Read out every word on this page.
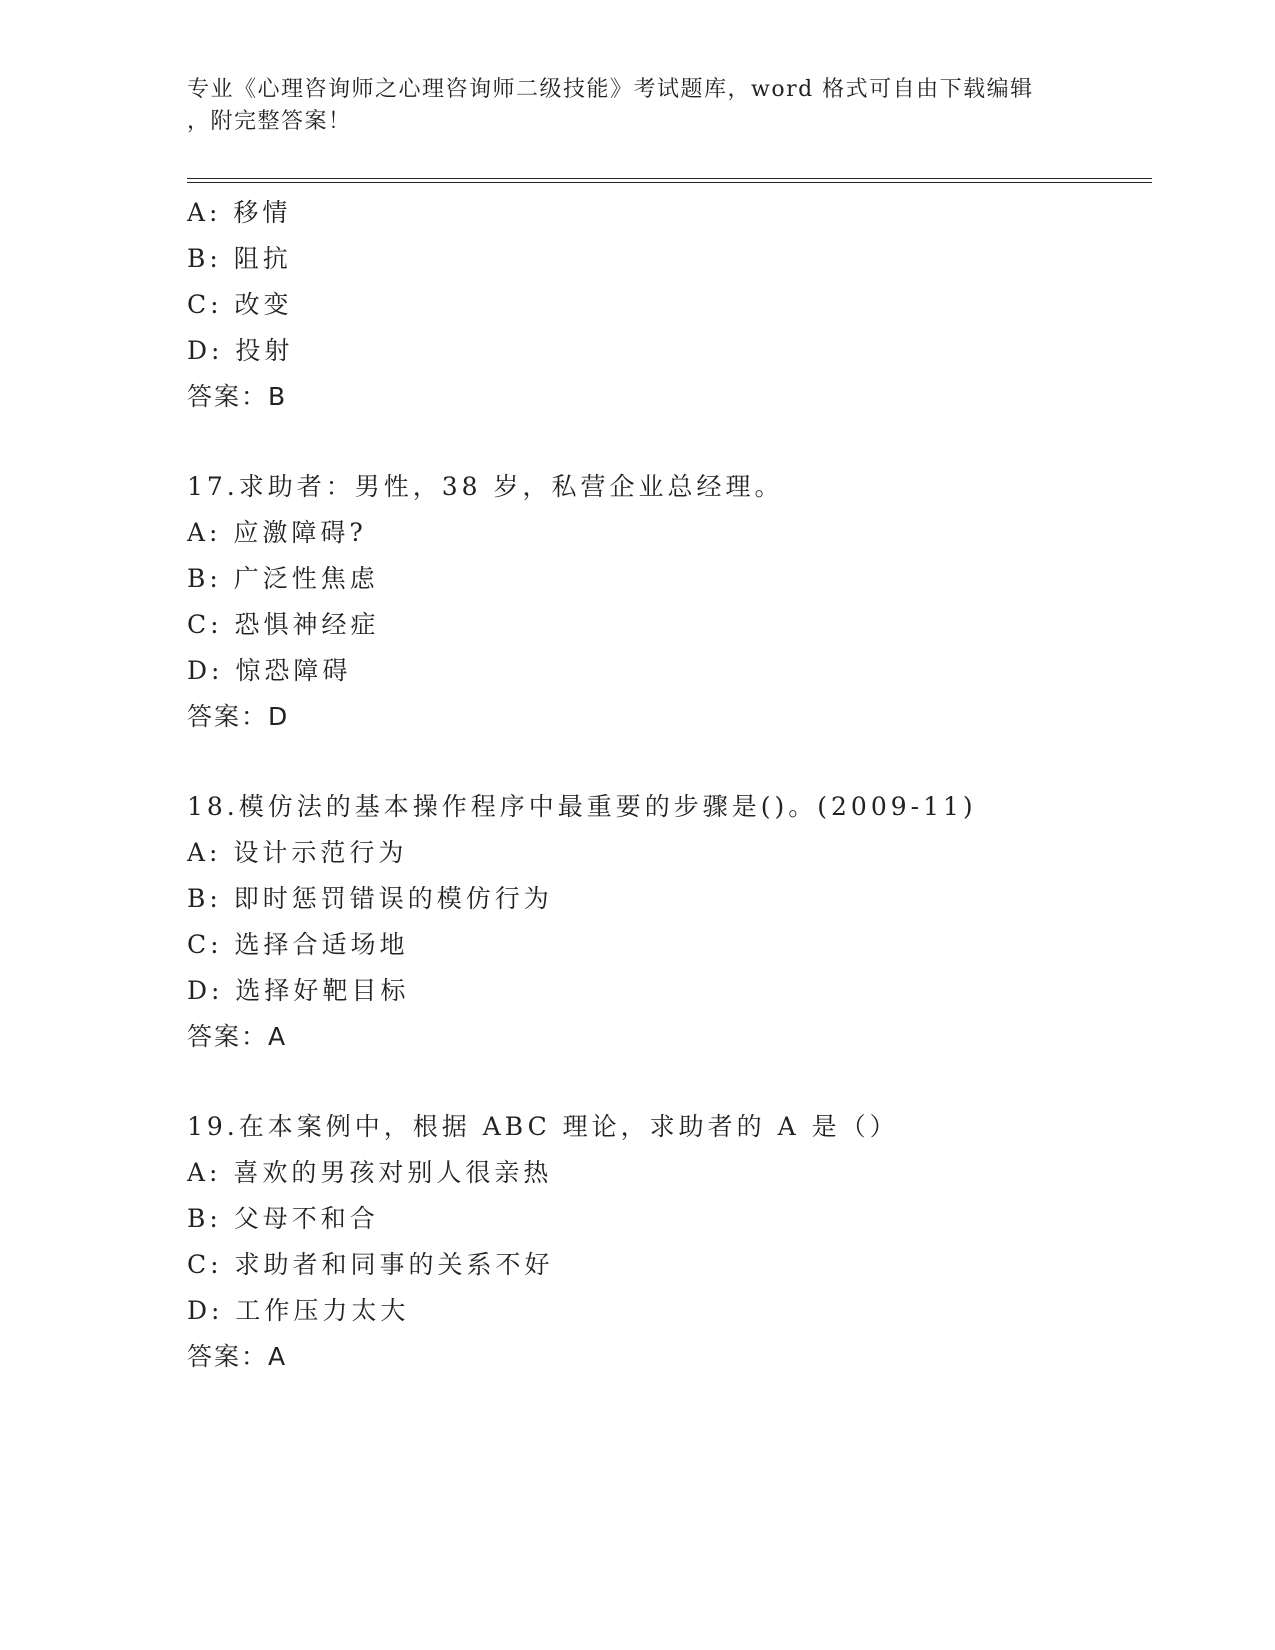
专业《心理咨询师之心理咨询师二级技能》考试题库，word 格式可自由下载编辑
，附完整答案！
A: 移情
B: 阻抗
C: 改变
D: 投射
答案：B
17.求助者：男性，38 岁，私营企业总经理。
A: 应激障碍?
B: 广泛性焦虑
C: 恐惧神经症
D: 惊恐障碍
答案：D
18.模仿法的基本操作程序中最重要的步骤是()。(2009-11)
A: 设计示范行为
B: 即时惩罚错误的模仿行为
C: 选择合适场地
D: 选择好靶目标
答案：A
19.在本案例中，根据 ABC 理论，求助者的 A 是（）
A: 喜欢的男孩对别人很亲热
B: 父母不和合
C: 求助者和同事的关系不好
D: 工作压力太大
答案：A
